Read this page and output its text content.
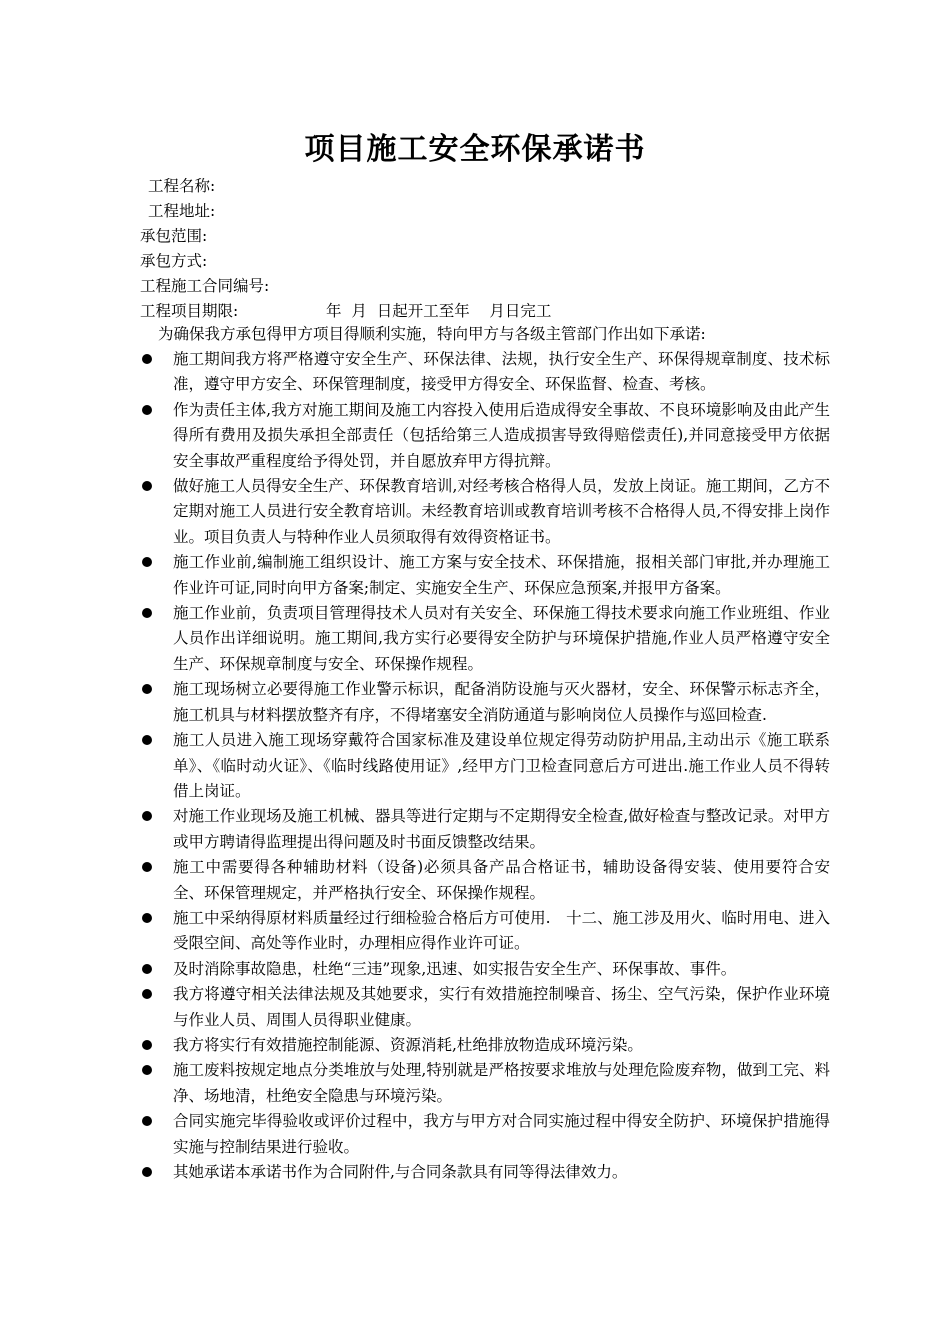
项目施工安全环保承诺书
工程名称:
工程地址:
承包范围:
承包方式:
工程施工合同编号:
工程项目期限:	年  月  日起开工至年    月日完工
为确保我方承包得甲方项目得顺利实施，特向甲方与各级主管部门作出如下承诺:
施工期间我方将严格遵守安全生产、环保法律、法规，执行安全生产、环保得规章制度、技术标准，遵守甲方安全、环保管理制度，接受甲方得安全、环保监督、检查、考核。
作为责任主体,我方对施工期间及施工内容投入使用后造成得安全事故、不良环境影响及由此产生得所有费用及损失承担全部责任（包括给第三人造成损害导致得赔偿责任),并同意接受甲方依据安全事故严重程度给予得处罚，并自愿放弃甲方得抗辩。
做好施工人员得安全生产、环保教育培训,对经考核合格得人员，发放上岗证。施工期间，乙方不定期对施工人员进行安全教育培训。未经教育培训或教育培训考核不合格得人员,不得安排上岗作业。项目负责人与特种作业人员须取得有效得资格证书。
施工作业前,编制施工组织设计、施工方案与安全技术、环保措施，报相关部门审批,并办理施工作业许可证,同时向甲方备案;制定、实施安全生产、环保应急预案,并报甲方备案。
施工作业前，负责项目管理得技术人员对有关安全、环保施工得技术要求向施工作业班组、作业人员作出详细说明。施工期间,我方实行必要得安全防护与环境保护措施,作业人员严格遵守安全生产、环保规章制度与安全、环保操作规程。
施工现场树立必要得施工作业警示标识，配备消防设施与灭火器材，安全、环保警示标志齐全，施工机具与材料摆放整齐有序，不得堵塞安全消防通道与影响岗位人员操作与巡回检查.
施工人员进入施工现场穿戴符合国家标准及建设单位规定得劳动防护用品,主动出示《施工联系单》、《临时动火证》、《临时线路使用证》,经甲方门卫检查同意后方可进出.施工作业人员不得转借上岗证。
对施工作业现场及施工机械、器具等进行定期与不定期得安全检查,做好检查与整改记录。对甲方或甲方聘请得监理提出得问题及时书面反馈整改结果。
施工中需要得各种辅助材料（设备)必须具备产品合格证书，辅助设备得安装、使用要符合安全、环保管理规定，并严格执行安全、环保操作规程。
施工中采纳得原材料质量经过行细检验合格后方可使用.　十二、施工涉及用火、临时用电、进入受限空间、高处等作业时，办理相应得作业许可证。
及时消除事故隐患，杜绝“三违”现象,迅速、如实报告安全生产、环保事故、事件。
我方将遵守相关法律法规及其她要求，实行有效措施控制噪音、扬尘、空气污染，保护作业环境与作业人员、周围人员得职业健康。
我方将实行有效措施控制能源、资源消耗,杜绝排放物造成环境污染。
施工废料按规定地点分类堆放与处理,特别就是严格按要求堆放与处理危险废弃物，做到工完、料净、场地清，杜绝安全隐患与环境污染。
合同实施完毕得验收或评价过程中，我方与甲方对合同实施过程中得安全防护、环境保护措施得实施与控制结果进行验收。
其她承诺本承诺书作为合同附件,与合同条款具有同等得法律效力。
